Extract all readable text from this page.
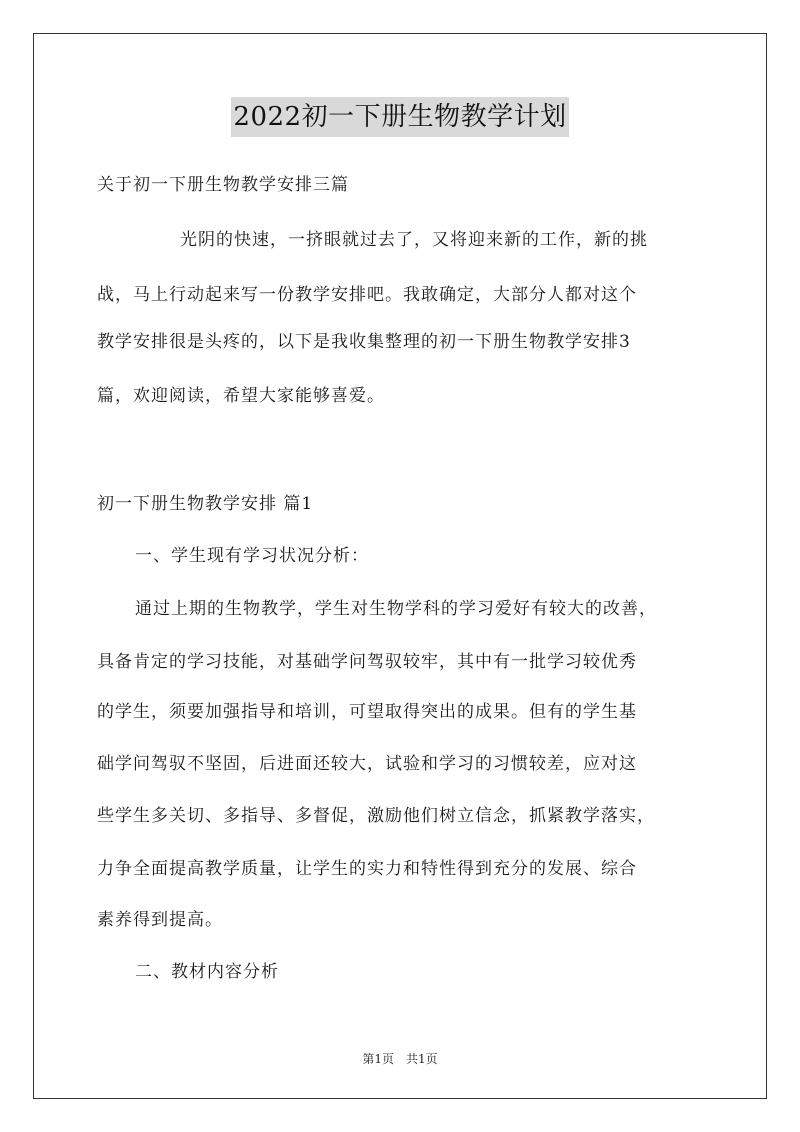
2022初一下册生物教学计划
关于初一下册生物教学安排三篇
光阴的快速，一挤眼就过去了，又将迎来新的工作，新的挑
战，马上行动起来写一份教学安排吧。我敢确定，大部分人都对这个
教学安排很是头疼的，以下是我收集整理的初一下册生物教学安排3
篇，欢迎阅读，希望大家能够喜爱。
初一下册生物教学安排 篇1
一、学生现有学习状况分析：
通过上期的生物教学，学生对生物学科的学习爱好有较大的改善，
具备肯定的学习技能，对基础学问驾驭较牢，其中有一批学习较优秀
的学生，须要加强指导和培训，可望取得突出的成果。但有的学生基
础学问驾驭不坚固，后进面还较大，试验和学习的习惯较差，应对这
些学生多关切、多指导、多督促，激励他们树立信念，抓紧教学落实，
力争全面提高教学质量，让学生的实力和特性得到充分的发展、综合
素养得到提高。
二、教材内容分析
第1页　共1页
